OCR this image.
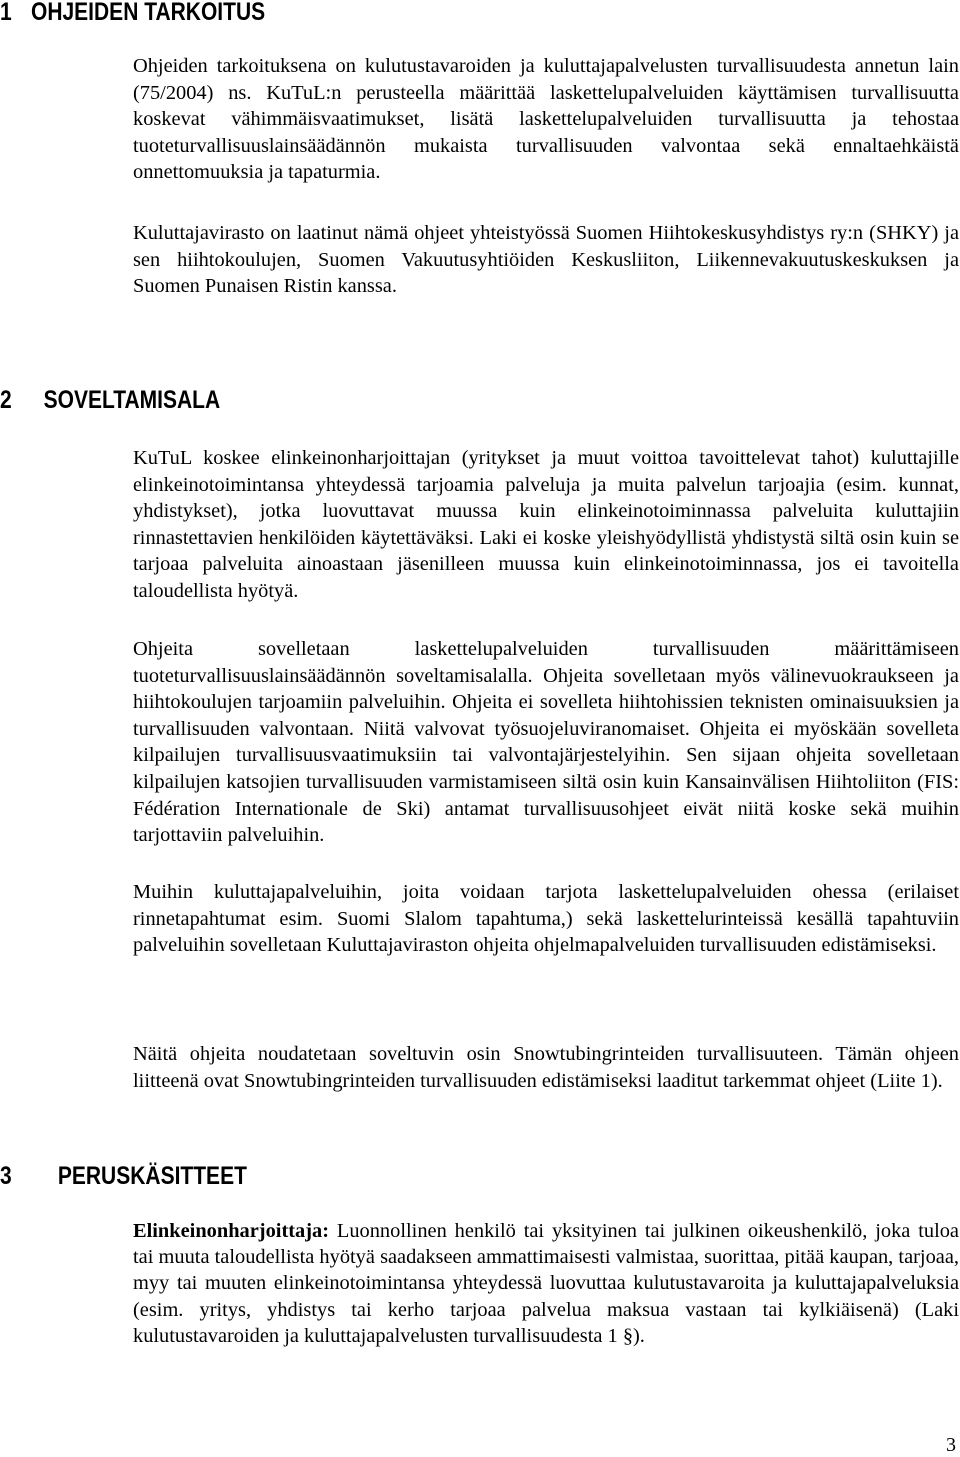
1 OHJEIDEN TARKOITUS

Ohjeiden tarkoituksena on kulutustavaroiden ja kuluttajapalvelusten turvallisuudesta annetun lain (75/2004) ns. KuTuL:n perusteella määrittää laskettelupalveluiden käyttämisen turvallisuutta koskevat vähimmäisvaatimukset, lisätä laskettelupalveluiden turvallisuutta ja tehostaa tuoteturvallisuuslainsäädännön mukaista turvallisuuden valvontaa sekä ennaltaehkäistä onnettomuuksia ja tapaturmia.

Kuluttajavirasto on laatinut nämä ohjeet yhteistyössä Suomen Hiihtokeskusyhdistys ry:n (SHKY) ja sen hiihtokoulujen, Suomen Vakuutusyhtiöiden Keskusliiton, Liikennevakuutuskeskuksen ja Suomen Punaisen Ristin kanssa.

2 SOVELTAMISALA

KuTuL koskee elinkeinonharjoittajan (yritykset ja muut voittoa tavoittelevat tahot) kuluttajille elinkeinotoimintansa yhteydessä tarjoamia palveluja ja muita palvelun tarjoajia (esim. kunnat, yhdistykset), jotka luovuttavat muussa kuin elinkeinotoiminnassa palveluita kuluttajiin rinnastettavien henkilöiden käytettäväksi. Laki ei koske yleishyödyllistä yhdistystä siltä osin kuin se tarjoaa palveluita ainoastaan jäsenilleen muussa kuin elinkeinotoiminnassa, jos ei tavoitella taloudellista hyötyä.

Ohjeita sovelletaan laskettelupalveluiden turvallisuuden määrittämiseen tuoteturvallisuuslainsäädännön soveltamisalalla. Ohjeita sovelletaan myös välinevuokraukseen ja hiihtokoulujen tarjoamiin palveluihin. Ohjeita ei sovelleta hiihtohissien teknisten ominaisuuksien ja turvallisuuden valvontaan. Niitä valvovat työsuojeluviranomaiset. Ohjeita ei myöskään sovelleta kilpailujen turvallisuusvaatimuksiin tai valvontajärjestelyihin. Sen sijaan ohjeita sovelletaan kilpailujen katsojien turvallisuuden varmistamiseen siltä osin kuin Kansainvälisen Hiihtoliiton (FIS: Fédération Internationale de Ski) antamat turvallisuusohjeet eivät niitä koske sekä muihin tarjottaviin palveluihin.

Muihin kuluttajapalveluihin, joita voidaan tarjota laskettelupalveluiden ohessa (erilaiset rinnetapahtumat esim. Suomi Slalom tapahtuma,) sekä laskettelurinteissä kesällä tapahtuviin palveluihin sovelletaan Kuluttajaviraston ohjeita ohjelmapalveluiden turvallisuuden edistämiseksi.

Näitä ohjeita noudatetaan soveltuvin osin Snowtubingrinteiden turvallisuuteen. Tämän ohjeen liitteenä ovat Snowtubingrinteiden turvallisuuden edistämiseksi laaditut tarkemmat ohjeet (Liite 1).

3 PERUSKÄSITTEET

Elinkeinonharjoittaja: Luonnollinen henkilö tai yksityinen tai julkinen oikeushenkilö, joka tuloa tai muuta taloudellista hyötyä saadakseen ammattimaisesti valmistaa, suorittaa, pitää kaupan, tarjoaa, myy tai muuten elinkeinotoimintansa yhteydessä luovuttaa kulutustavaroita ja kuluttajapalveluksia (esim. yritys, yhdistys tai kerho tarjoaa palvelua maksua vastaan tai kylkiäisenä) (Laki kulutustavaroiden ja kuluttajapalvelusten turvallisuudesta 1 §).

3
